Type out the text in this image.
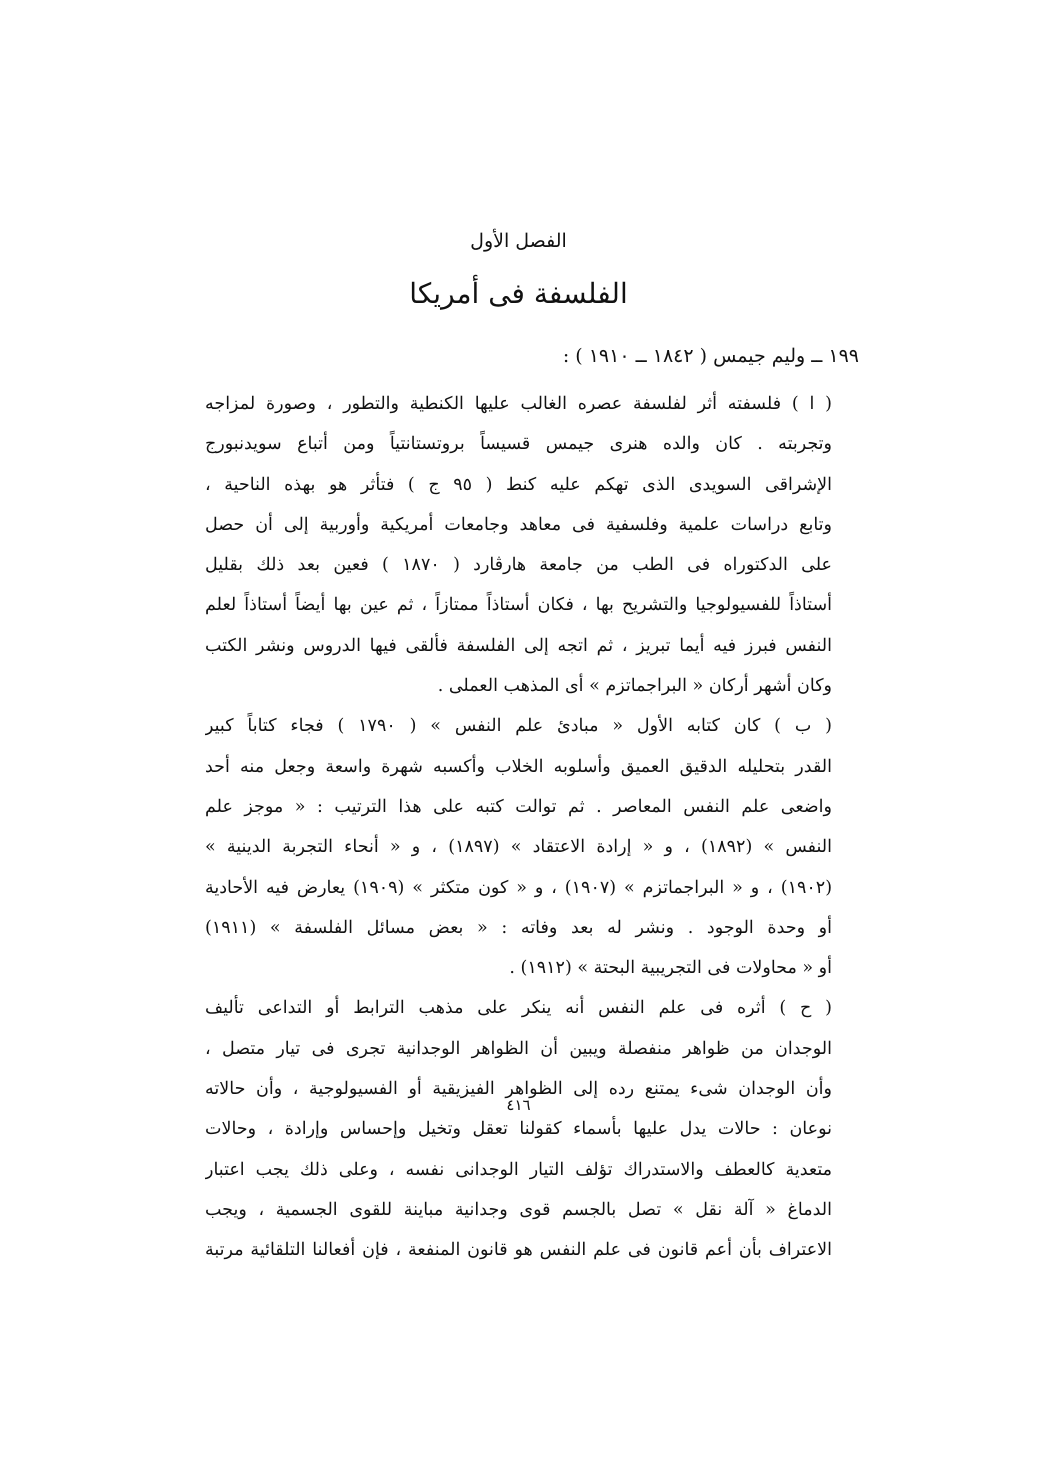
الفصل الأول
الفلسفة فى أمريكا
١٩٩ ــ وليم جيمس ( ١٨٤٢ ــ ١٩١٠ ) :
( ا ) فلسفته أثر لفلسفة عصره الغالب عليها الكنطية والتطور ، وصورة لمزاجه
وتجربته . كان والده هنرى جيمس قسيساً بروتستانتياً ومن أتباع سويدنبورج
الإشراقى السويدى الذى تهكم عليه كنط ( ٩٥ ج ) فتأثر هو بهذه الناحية ،
وتابع دراسات علمية وفلسفية فى معاهد وجامعات أمريكية وأوربية إلى أن حصل
على الدكتوراه فى الطب من جامعة هارڤارد ( ١٨٧٠ ) فعين بعد ذلك بقليل
أستاذاً للفسيولوجيا والتشريح بها ، فكان أستاذاً ممتازاً ، ثم عين بها أيضاً أستاذاً لعلم
النفس فبرز فيه أيما تبريز ، ثم اتجه إلى الفلسفة فألقى فيها الدروس ونشر الكتب
وكان أشهر أركان « البراجماتزم » أى المذهب العملى .
( ب ) كان كتابه الأول « مبادئ علم النفس » ( ١٧٩٠ ) فجاء كتاباً كبير
القدر بتحليله الدقيق العميق وأسلوبه الخلاب وأكسبه شهرة واسعة وجعل منه أحد
واضعى علم النفس المعاصر . ثم توالت كتبه على هذا الترتيب : « موجز علم
النفس » (١٨٩٢) ، و « إرادة الاعتقاد » (١٨٩٧) ، و « أنحاء التجربة الدينية »
(١٩٠٢) ، و « البراجماتزم » (١٩٠٧) ، و « كون متكثر » (١٩٠٩) يعارض فيه الأحادية
أو وحدة الوجود . ونشر له بعد وفاته : « بعض مسائل الفلسفة » (١٩١١)
أو « محاولات فى التجريبية البحتة » (١٩١٢) .
( ح ) أثره فى علم النفس أنه ينكر على مذهب الترابط أو التداعى تأليف
الوجدان من ظواهر منفصلة ويبين أن الظواهر الوجدانية تجرى فى تيار متصل ،
وأن الوجدان شىء يمتنع رده إلى الظواهر الفيزيقية أو الفسيولوجية ، وأن حالاته
نوعان : حالات يدل عليها بأسماء كقولنا تعقل وتخيل وإحساس وإرادة ، وحالات
متعدية كالعطف والاستدراك تؤلف التيار الوجدانى نفسه ، وعلى ذلك يجب اعتبار
الدماغ « آلة نقل » تصل بالجسم قوى وجدانية مباينة للقوى الجسمية ، ويجب
الاعتراف بأن أعم قانون فى علم النفس هو قانون المنفعة ، فإن أفعالنا التلقائية مرتبة
٤١٦
